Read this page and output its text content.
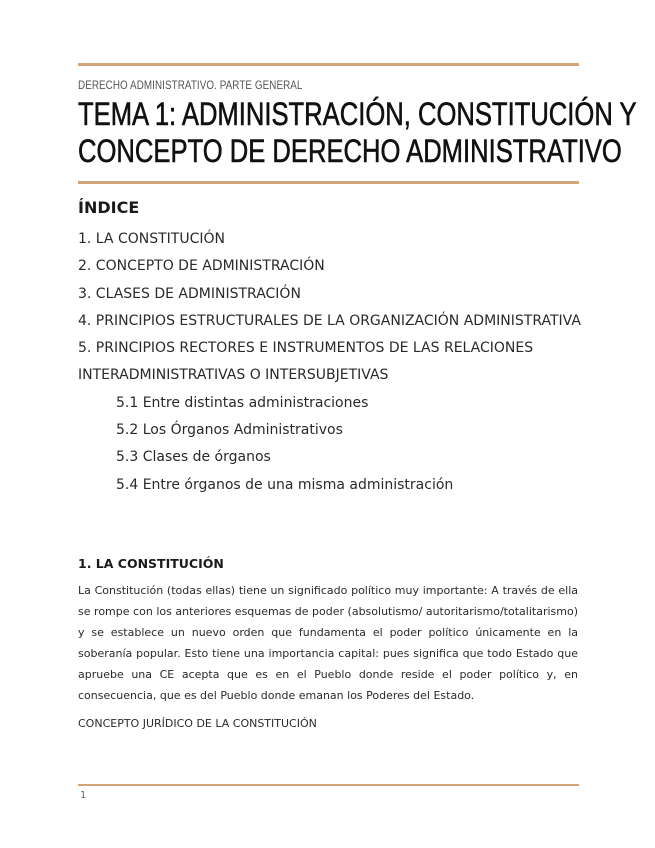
DERECHO ADMINISTRATIVO. PARTE GENERAL
TEMA 1: ADMINISTRACIÓN, CONSTITUCIÓN Y
CONCEPTO DE DERECHO ADMINISTRATIVO
ÍNDICE
1. LA CONSTITUCIÓN
2. CONCEPTO DE ADMINISTRACIÓN
3. CLASES DE ADMINISTRACIÓN
4. PRINCIPIOS ESTRUCTURALES DE LA ORGANIZACIÓN ADMINISTRATIVA
5. PRINCIPIOS RECTORES E INSTRUMENTOS DE LAS RELACIONES INTERADMINISTRATIVAS O INTERSUBJETIVAS
5.1 Entre distintas administraciones
5.2 Los Órganos Administrativos
5.3 Clases de órganos
5.4 Entre órganos de una misma administración
1. LA CONSTITUCIÓN

La Constitución (todas ellas) tiene un significado político muy importante: A través de ella se rompe con los anteriores esquemas de poder (absolutismo/ autoritarismo/totalitarismo) y se establece un nuevo orden que fundamenta el poder político únicamente en la soberanía popular. Esto tiene una importancia capital: pues significa que todo Estado que apruebe una CE acepta que es en el Pueblo donde reside el poder político y, en consecuencia, que es del Pueblo donde emanan los Poderes del Estado.

CONCEPTO JURÍDICO DE LA CONSTITUCIÓN

1
